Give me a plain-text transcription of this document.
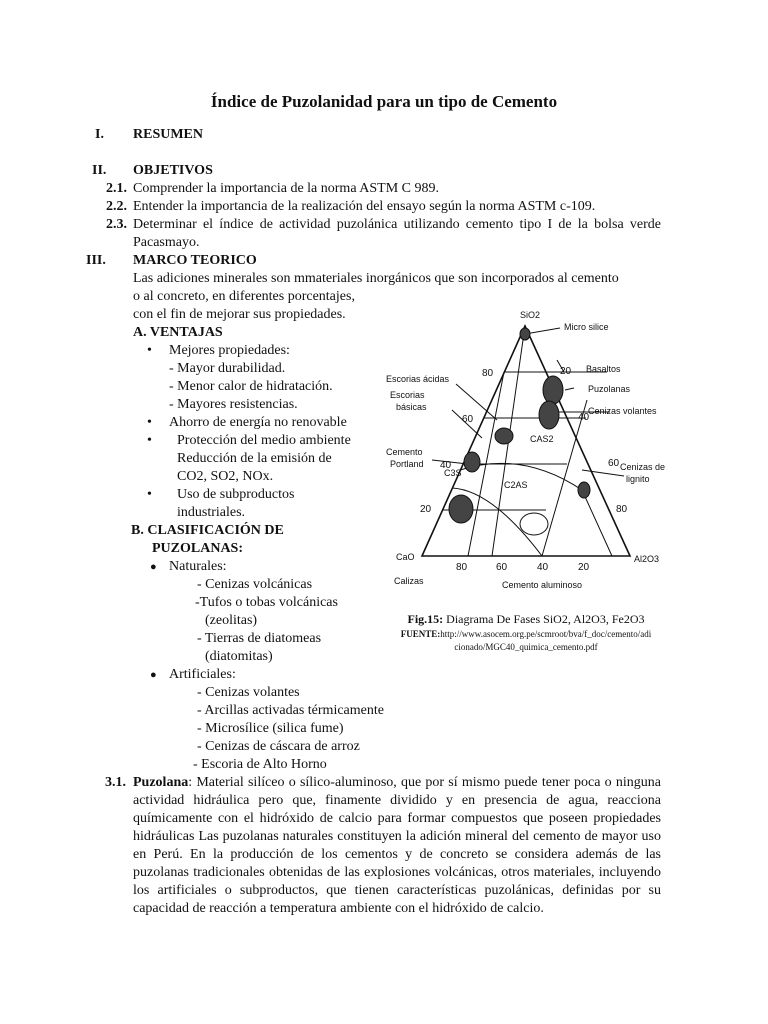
Índice de Puzolanidad para un tipo de Cemento
I. RESUMEN
II. OBJETIVOS
2.1. Comprender la importancia de la norma ASTM C 989.
2.2. Entender la importancia de la realización del ensayo según la norma ASTM c-109.
2.3. Determinar el índice de actividad puzolánica utilizando cemento tipo I de la bolsa verde Pacasmayo.
III. MARCO TEORICO
Las adiciones minerales son mmateriales inorgánicos que son incorporados al cemento
o al concreto, en diferentes porcentajes,
con el fin de mejorar sus propiedades.
A. VENTAJAS
• Mejores propiedades:
- Mayor durabilidad.
- Menor calor de hidratación.
- Mayores resistencias.
• Ahorro de energía no renovable
• Protección del medio ambiente
Reducción de la emisión de
CO2, SO2, NOx.
• Uso de subproductos
industriales.
B. CLASIFICACIÓN DE
PUZOLANAS:
● Naturales:
- Cenizas volcánicas
-Tufos o tobas volcánicas
(zeolitas)
- Tierras de diatomeas
(diatomitas)
● Artificiales:
- Cenizas volantes
- Arcillas activadas térmicamente
- Microsílice (silica fume)
- Cenizas de cáscara de arroz
- Escoria de Alto Horno
3.1. Puzolana: Material silíceo o sílico-aluminoso, que por sí mismo puede tener poca o ninguna actividad hidráulica pero que, finamente dividido y en presencia de agua, reacciona químicamente con el hidróxido de calcio para formar compuestos que poseen propiedades hidráulicas Las puzolanas naturales constituyen la adición mineral del cemento de mayor uso en Perú. En la producción de los cementos y de concreto se considera además de las puzolanas tradicionales obtenidas de las explosiones volcánicas, otros materiales, incluyendo los artificiales o subproductos, que tienen características puzolánicas, definidas por su capacidad de reacción a temperatura ambiente con el hidróxido de calcio.
SiO2
Micro silice
Escorias ácidas
Escorias
básicas
Basaltos
Puzolanas
Cenizas volantes
Cemento
Portland
CAS2
C3S
C2AS
Cenizas de
lignito
CaO	Al2O3
Calizas	Cemento aluminoso
80
60
40
20
20
40
60
80
80	60	40	20
Fig.15: Diagrama De Fases SiO2, Al2O3, Fe2O3
FUENTE:http://www.asocem.org.pe/scmroot/bva/f_doc/cemento/adi
cionado/MGC40_quimica_cemento.pdf
